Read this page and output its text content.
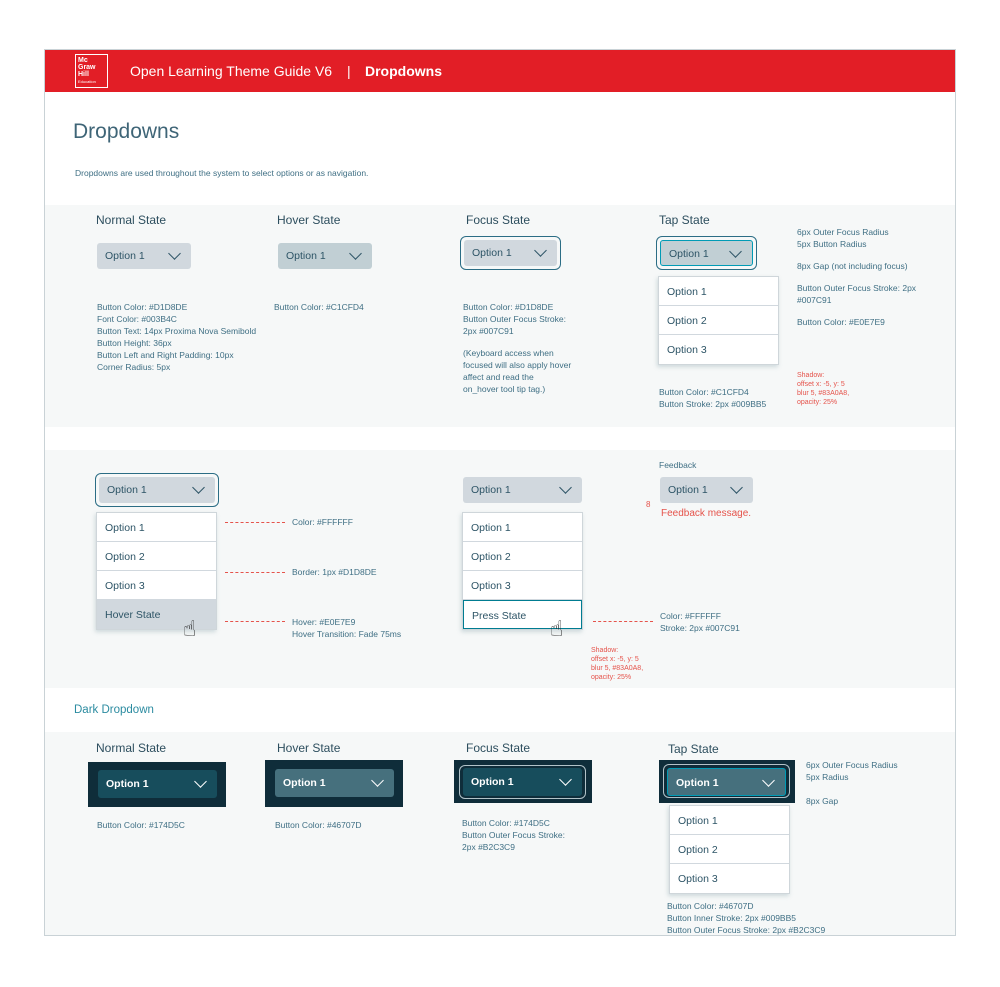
Mc
Graw
Hill
Education
Open Learning Theme Guide V6 | Dropdowns
Dropdowns
Dropdowns are used throughout the system to select options or as navigation.
Normal State	Hover State	Focus State	Tap State
Option 1	Option 1	Option 1	Option 1
Option 1
Option 2
Option 3
Button Color: #D1D8DE
Font Color: #003B4C
Button Text: 14px Proxima Nova Semibold
Button Height: 36px
Button Left and Right Padding: 10px
Corner Radius: 5px
Button Color: #C1CFD4	Button Color: #D1D8DE
Button Outer Focus Stroke:
2px #007C91
(Keyboard access when
focused will also apply hover
affect and read the
on_hover tool tip tag.)	Button Color: #C1CFD4
Button Stroke: 2px #009BB5
6px Outer Focus Radius
5px Button Radius
8px Gap (not including focus)
Button Outer Focus Stroke: 2px
#007C91
Button Color: #E0E7E9
Shadow:
offset x: -5, y: 5
blur 5, #83A0A8,
opacity: 25%
Option 1
Option 1
Option 2
Option 3
Hover State
☝
Color: #FFFFFF
Border: 1px #D1D8DE
Hover: #E0E7E9
Hover Transition: Fade 75ms
Option 1
Option 1
Option 2
Option 3
Press State ☝	Color: #FFFFFF
Stroke: 2px #007C91
Shadow:
offset x: -5, y: 5
blur 5, #83A0A8,
opacity: 25%
Feedback
Option 1
8
Feedback message.
Dark Dropdown
Normal State	Hover State	Focus State	Tap State
Option 1	Option 1	Option 1	Option 1
Option 1
Option 2
Option 3
Button Color: #174D5C	Button Color: #46707D	Button Color: #174D5C
Button Outer Focus Stroke:
2px #B2C3C9
6px Outer Focus Radius
5px Radius
8px Gap
Button Color: #46707D
Button Inner Stroke: 2px #009BB5
Button Outer Focus Stroke: 2px #B2C3C9
